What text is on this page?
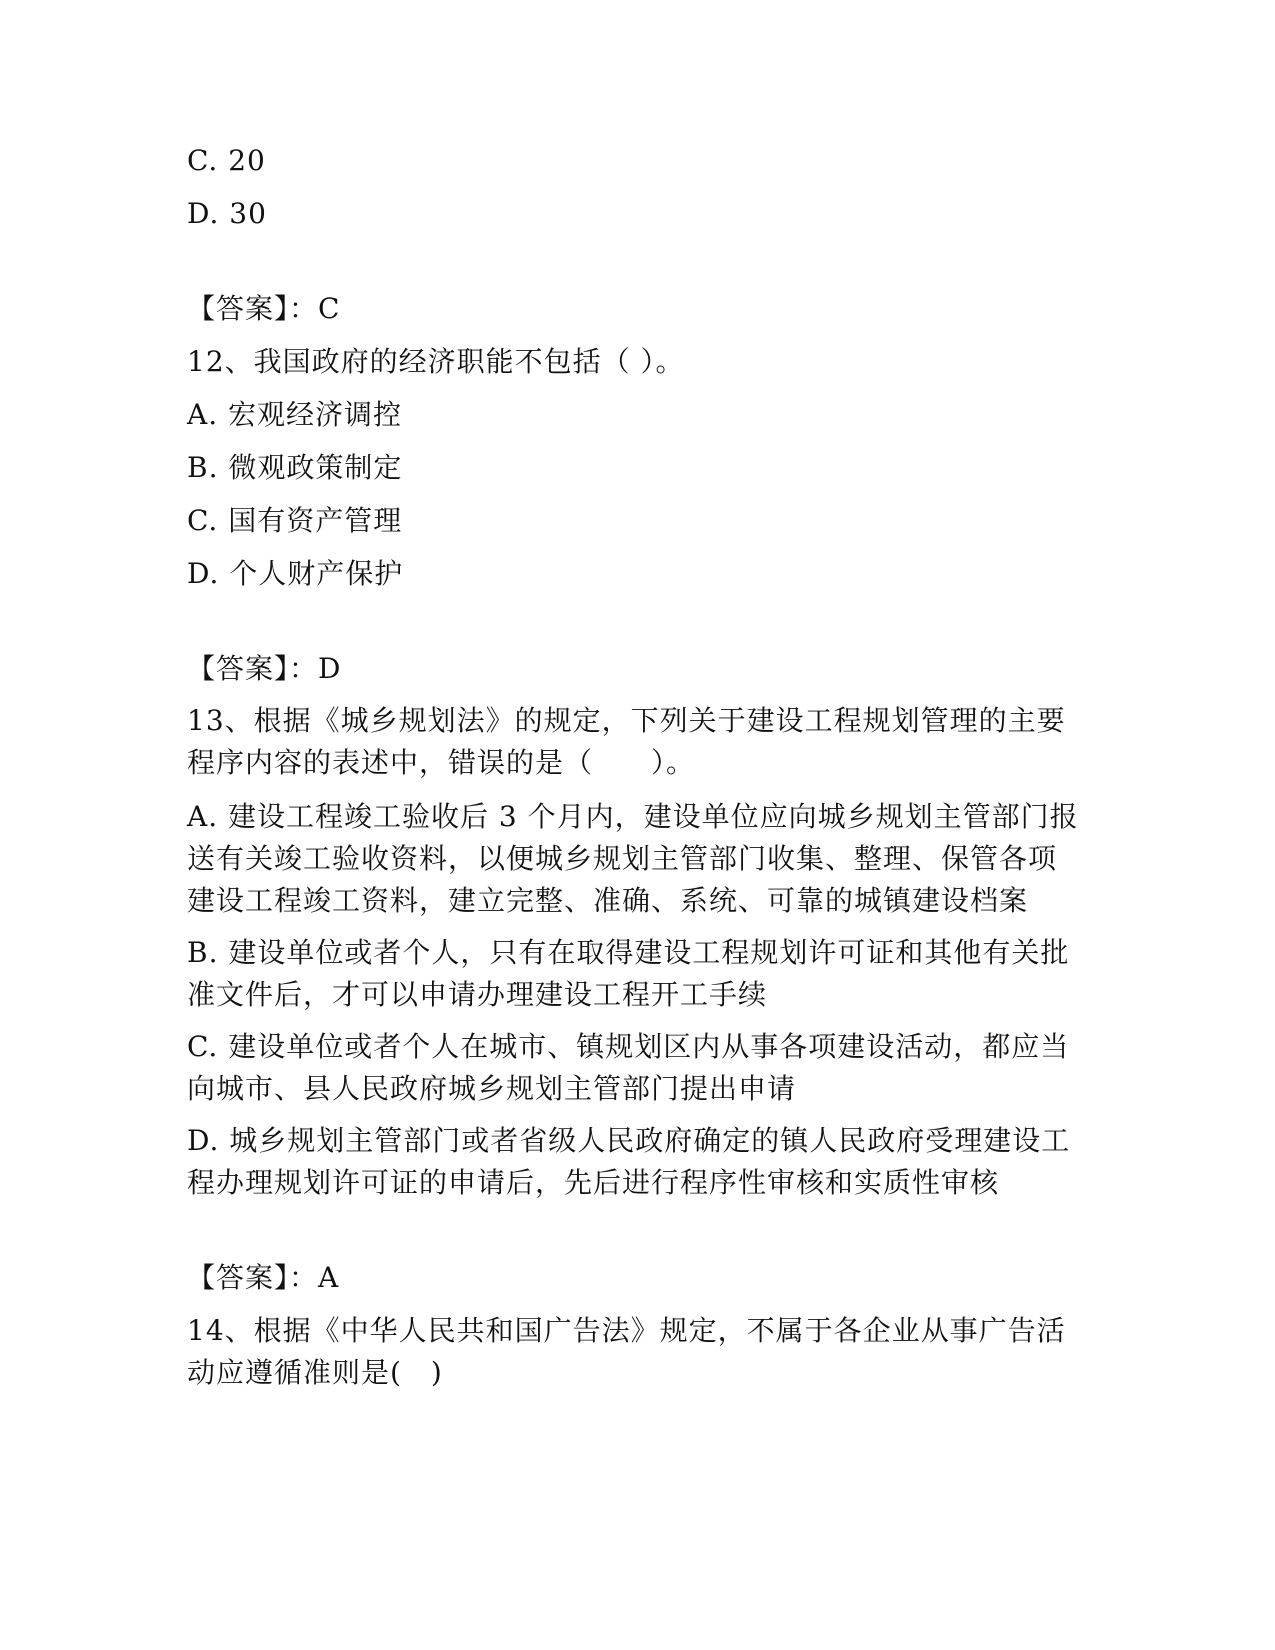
C. 20
D. 30
【答案】：C
12、我国政府的经济职能不包括（ ）。
A. 宏观经济调控
B. 微观政策制定
C. 国有资产管理
D. 个人财产保护
【答案】：D
13、根据《城乡规划法》的规定，下列关于建设工程规划管理的主要
程序内容的表述中，错误的是（　　）。
A. 建设工程竣工验收后 3 个月内，建设单位应向城乡规划主管部门报
送有关竣工验收资料，以便城乡规划主管部门收集、整理、保管各项
建设工程竣工资料，建立完整、准确、系统、可靠的城镇建设档案
B. 建设单位或者个人，只有在取得建设工程规划许可证和其他有关批
准文件后，才可以申请办理建设工程开工手续
C. 建设单位或者个人在城市、镇规划区内从事各项建设活动，都应当
向城市、县人民政府城乡规划主管部门提出申请
D. 城乡规划主管部门或者省级人民政府确定的镇人民政府受理建设工
程办理规划许可证的申请后，先后进行程序性审核和实质性审核
【答案】：A
14、根据《中华人民共和国广告法》规定，不属于各企业从事广告活
动应遵循准则是(　)
